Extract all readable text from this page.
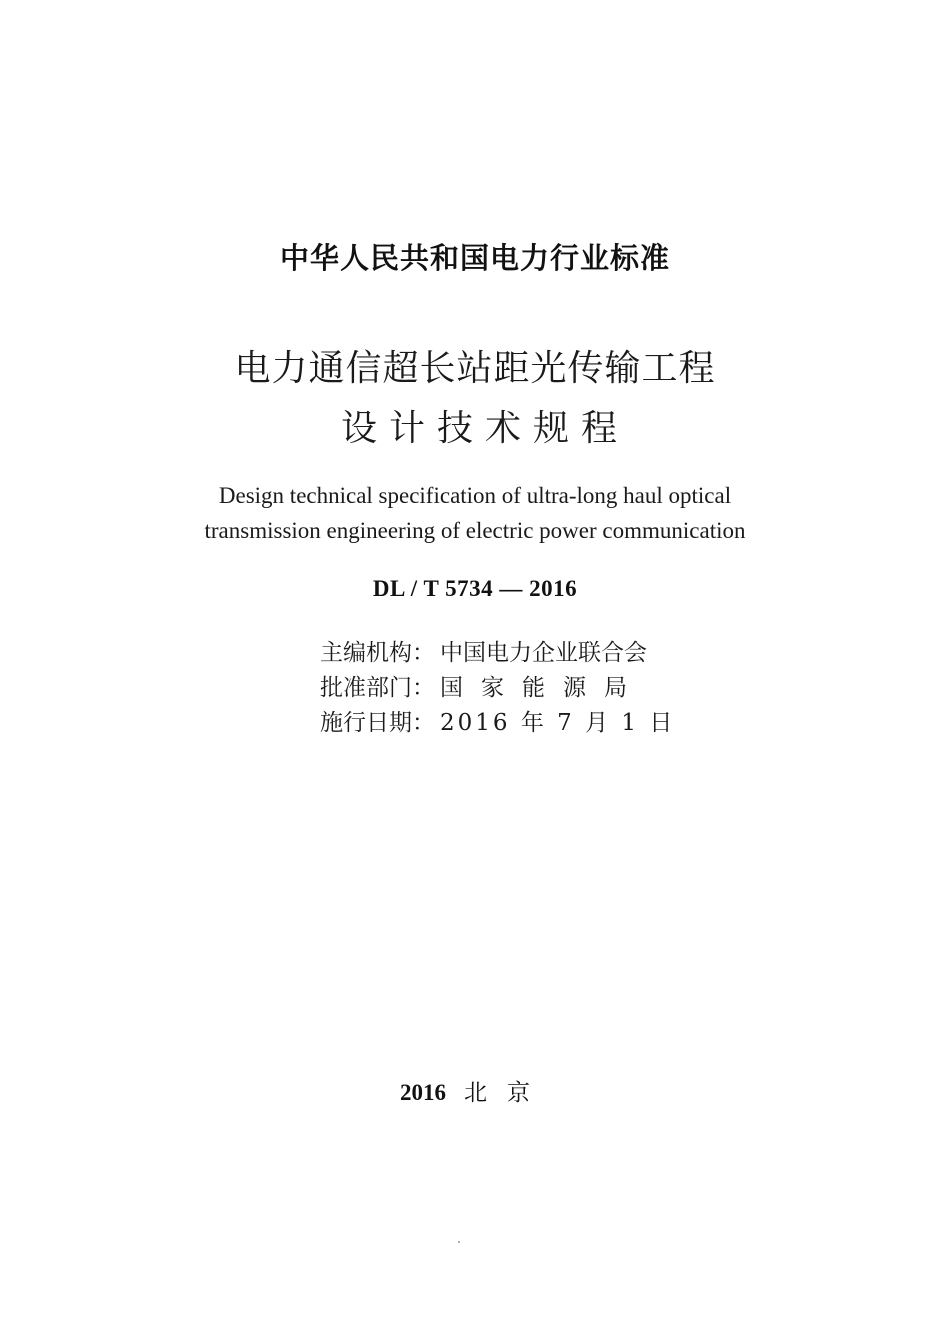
中华人民共和国电力行业标准
电力通信超长站距光传输工程
设计技术规程
Design technical specification of ultra-long haul optical
transmission engineering of electric power communication
DL / T 5734 — 2016
主编机构： 中国电力企业联合会
批准部门： 国家能源局
施行日期： 2016 年 7 月 1 日
2016 北京
